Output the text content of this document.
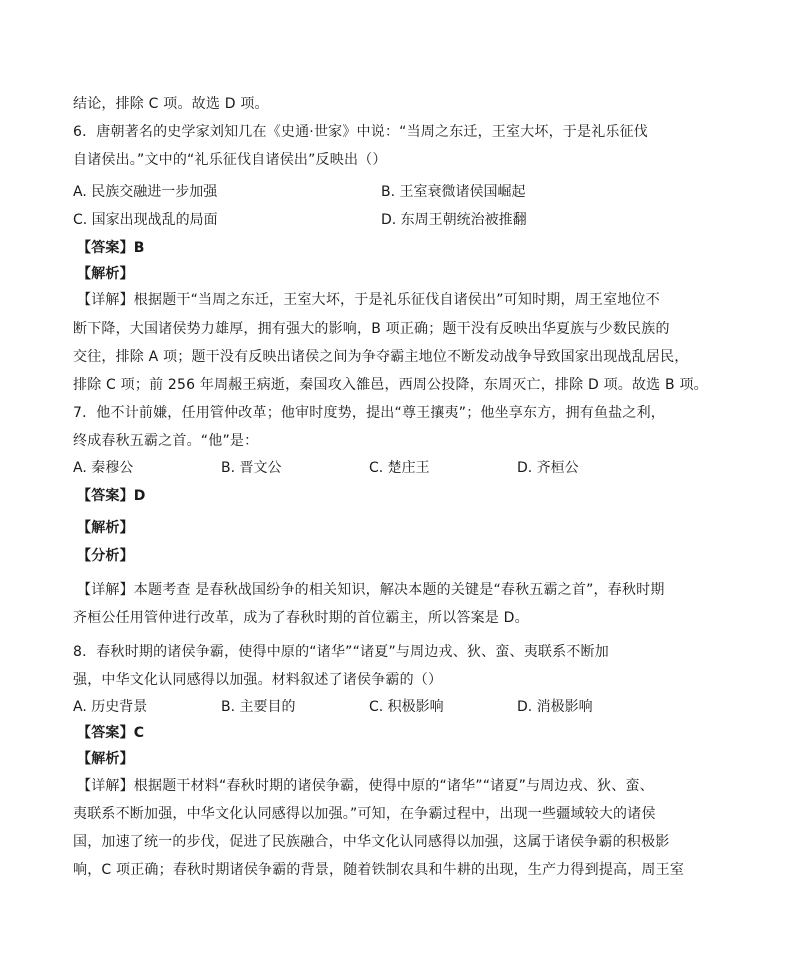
结论，排除 C 项。故选 D 项。
6．唐朝著名的史学家刘知几在《史通·世家》中说：“当周之东迁，王室大坏，于是礼乐征伐
自诸侯出。”文中的“礼乐征伐自诸侯出”反映出（）
A. 民族交融进一步加强	B. 王室衰微诸侯国崛起
C. 国家出现战乱的局面	D. 东周王朝统治被推翻
【答案】B
【解析】
【详解】根据题干“当周之东迁，王室大坏，于是礼乐征伐自诸侯出”可知时期，周王室地位不
断下降，大国诸侯势力雄厚，拥有强大的影响，B 项正确；题干没有反映出华夏族与少数民族的
交往，排除 A 项；题干没有反映出诸侯之间为争夺霸主地位不断发动战争导致国家出现战乱居民，
排除 C 项；前 256 年周赧王病逝，秦国攻入雒邑，西周公投降，东周灭亡，排除 D 项。故选 B 项。
7．他不计前嫌，任用管仲改革；他审时度势，提出“尊王攘夷”；他坐享东方，拥有鱼盐之利，
终成春秋五霸之首。“他”是：
A. 秦穆公	B. 晋文公	C. 楚庄王	D. 齐桓公
【答案】D
【解析】
【分析】
【详解】本题考查 是春秋战国纷争的相关知识，解决本题的关键是“春秋五霸之首”，春秋时期
齐桓公任用管仲进行改革，成为了春秋时期的首位霸主，所以答案是 D。
8．春秋时期的诸侯争霸，使得中原的“诸华”“诸夏”与周边戎、狄、蛮、夷联系不断加
强，中华文化认同感得以加强。材料叙述了诸侯争霸的（）
A. 历史背景	B. 主要目的	C. 积极影响	D. 消极影响
【答案】C
【解析】
【详解】根据题干材料“春秋时期的诸侯争霸，使得中原的“诸华”“诸夏”与周边戎、狄、蛮、
夷联系不断加强，中华文化认同感得以加强。”可知，在争霸过程中，出现一些疆域较大的诸侯
国，加速了统一的步伐，促进了民族融合，中华文化认同感得以加强，这属于诸侯争霸的积极影
响，C 项正确；春秋时期诸侯争霸的背景，随着铁制农具和牛耕的出现，生产力得到提高，周王室
